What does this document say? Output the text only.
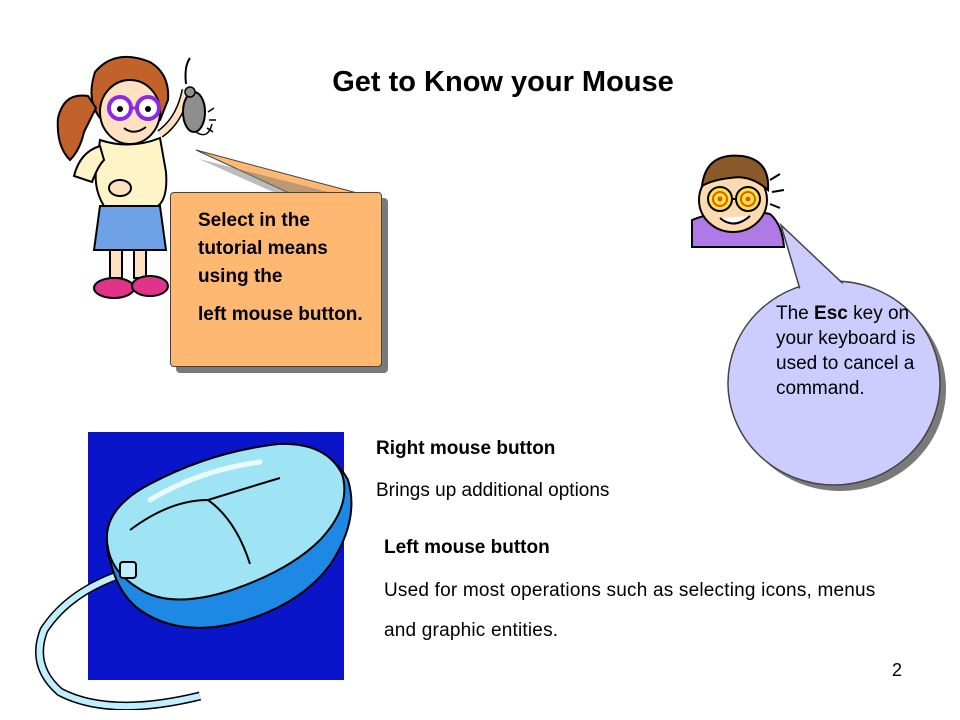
Get to Know your Mouse

Select in the tutorial means using the

left mouse button.	The Esc key on your keyboard is used to cancel a command.
Right mouse button
Brings up additional options
Left mouse button
Used for most operations such as selecting icons, menus and graphic entities.
2
